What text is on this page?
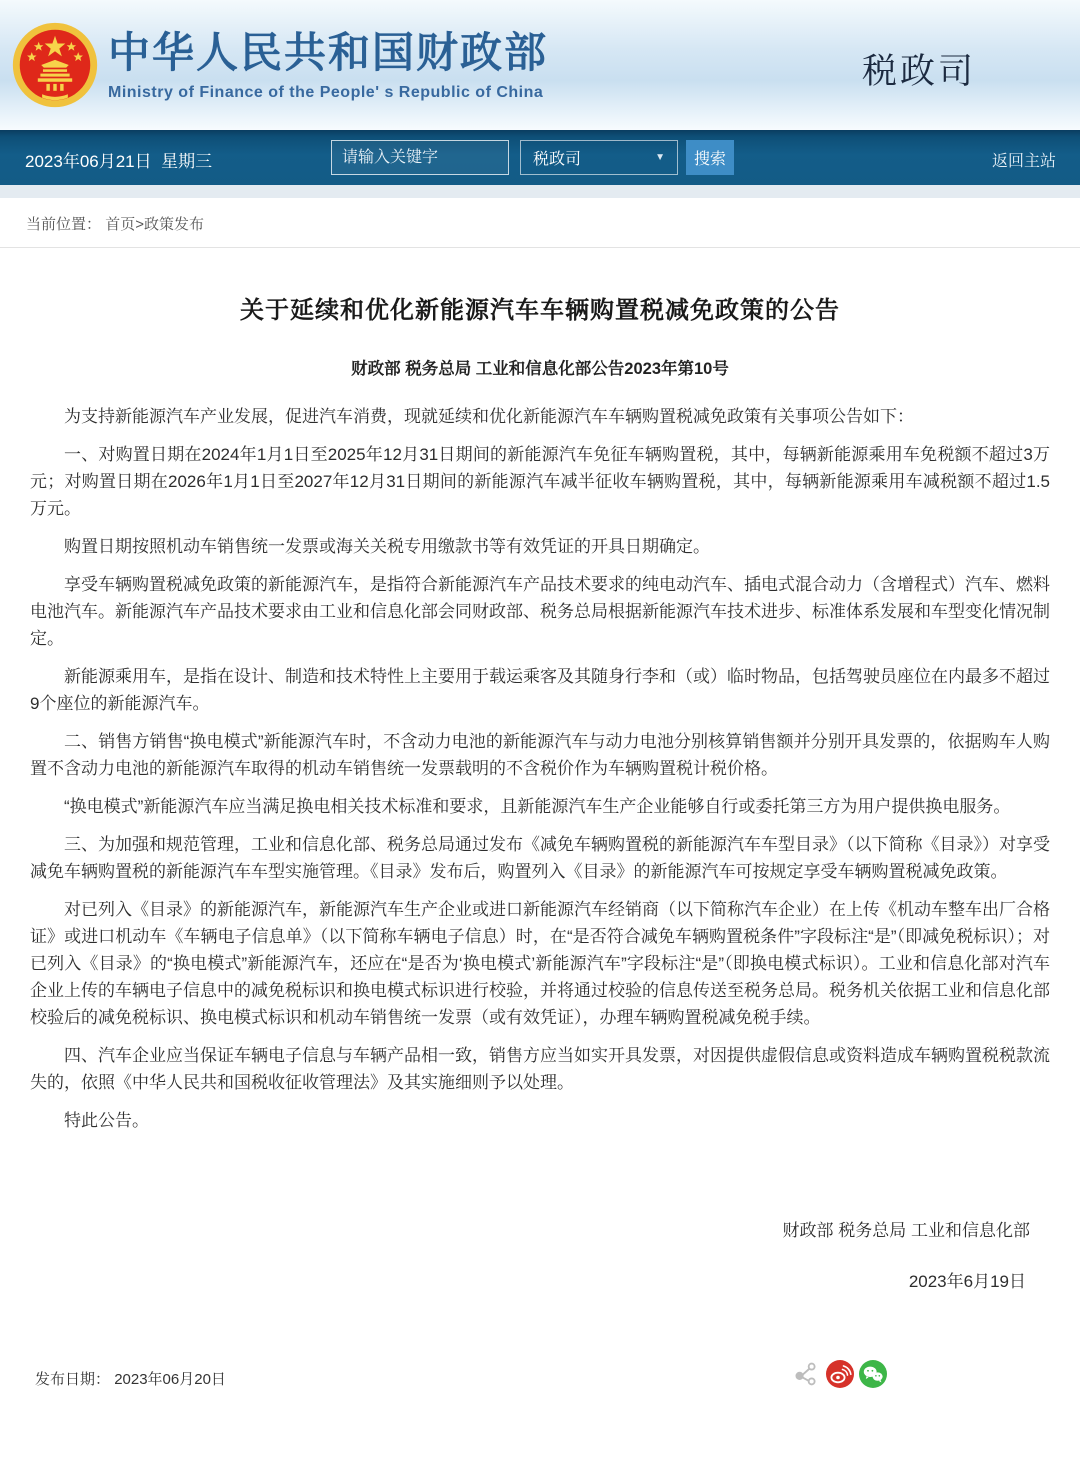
中华人民共和国财政部
Ministry of Finance of the People' s Republic of China
税政司
2023年06月21日  星期三
请输入关键字	税政司	▼	搜索	返回主站
当前位置： 首页>政策发布
关于延续和优化新能源汽车车辆购置税减免政策的公告
财政部 税务总局 工业和信息化部公告2023年第10号

为支持新能源汽车产业发展，促进汽车消费，现就延续和优化新能源汽车车辆购置税减免政策有关事项公告如下：

一、对购置日期在2024年1月1日至2025年12月31日期间的新能源汽车免征车辆购置税，其中，每辆新能源乘用车免税额不超过3万元；对购置日期在2026年1月1日至2027年12月31日期间的新能源汽车减半征收车辆购置税，其中，每辆新能源乘用车减税额不超过1.5万元。

购置日期按照机动车销售统一发票或海关关税专用缴款书等有效凭证的开具日期确定。

享受车辆购置税减免政策的新能源汽车，是指符合新能源汽车产品技术要求的纯电动汽车、插电式混合动力（含增程式）汽车、燃料电池汽车。新能源汽车产品技术要求由工业和信息化部会同财政部、税务总局根据新能源汽车技术进步、标准体系发展和车型变化情况制定。

新能源乘用车，是指在设计、制造和技术特性上主要用于载运乘客及其随身行李和（或）临时物品，包括驾驶员座位在内最多不超过9个座位的新能源汽车。

二、销售方销售“换电模式”新能源汽车时，不含动力电池的新能源汽车与动力电池分别核算销售额并分别开具发票的，依据购车人购置不含动力电池的新能源汽车取得的机动车销售统一发票载明的不含税价作为车辆购置税计税价格。

“换电模式”新能源汽车应当满足换电相关技术标准和要求，且新能源汽车生产企业能够自行或委托第三方为用户提供换电服务。

三、为加强和规范管理，工业和信息化部、税务总局通过发布《减免车辆购置税的新能源汽车车型目录》（以下简称《目录》）对享受减免车辆购置税的新能源汽车车型实施管理。《目录》发布后，购置列入《目录》的新能源汽车可按规定享受车辆购置税减免政策。

对已列入《目录》的新能源汽车，新能源汽车生产企业或进口新能源汽车经销商（以下简称汽车企业）在上传《机动车整车出厂合格证》或进口机动车《车辆电子信息单》（以下简称车辆电子信息）时，在“是否符合减免车辆购置税条件”字段标注“是”（即减免税标识）；对已列入《目录》的“换电模式”新能源汽车，还应在“是否为‘换电模式’新能源汽车”字段标注“是”（即换电模式标识）。工业和信息化部对汽车企业上传的车辆电子信息中的减免税标识和换电模式标识进行校验，并将通过校验的信息传送至税务总局。税务机关依据工业和信息化部校验后的减免税标识、换电模式标识和机动车销售统一发票（或有效凭证），办理车辆购置税减免税手续。

四、汽车企业应当保证车辆电子信息与车辆产品相一致，销售方应当如实开具发票，对因提供虚假信息或资料造成车辆购置税税款流失的，依照《中华人民共和国税收征收管理法》及其实施细则予以处理。

特此公告。

财政部 税务总局 工业和信息化部
2023年6月19日
发布日期： 2023年06月20日
